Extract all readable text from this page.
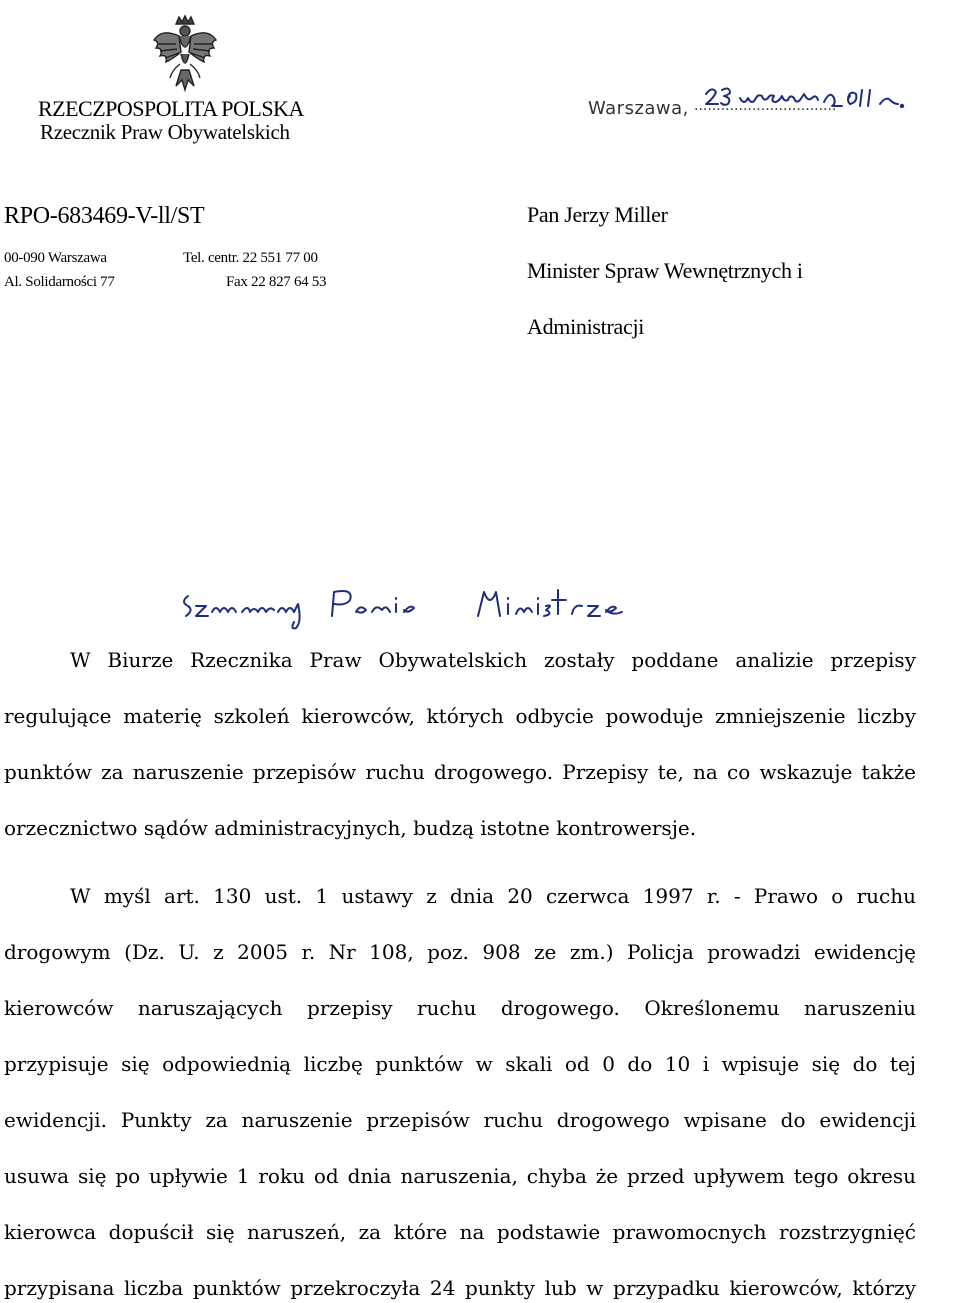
RZECZPOSPOLITA POLSKA
Rzecznik Praw Obywatelskich
Warszawa, ................................
RPO-683469-V-ll/ST
00-090 Warszawa
Al. Solidarności 77
Tel. centr. 22 551 77 00
Fax 22 827 64 53
Pan Jerzy Miller
Minister Spraw Wewnętrznych i
Administracji
W Biurze Rzecznika Praw Obywatelskich zostały poddane analizie przepisy
regulujące materię szkoleń kierowców, których odbycie powoduje zmniejszenie liczby
punktów za naruszenie przepisów ruchu drogowego. Przepisy te, na co wskazuje także
orzecznictwo sądów administracyjnych, budzą istotne kontrowersje.
W myśl art. 130 ust. 1 ustawy z dnia 20 czerwca 1997 r. - Prawo o ruchu
drogowym (Dz. U. z 2005 r. Nr 108, poz. 908 ze zm.) Policja prowadzi ewidencję
kierowców naruszających przepisy ruchu drogowego. Określonemu naruszeniu
przypisuje się odpowiednią liczbę punktów w skali od 0 do 10 i wpisuje się do tej
ewidencji. Punkty za naruszenie przepisów ruchu drogowego wpisane do ewidencji
usuwa się po upływie 1 roku od dnia naruszenia, chyba że przed upływem tego okresu
kierowca dopuścił się naruszeń, za które na podstawie prawomocnych rozstrzygnięć
przypisana liczba punktów przekroczyła 24 punkty lub w przypadku kierowców, którzy
